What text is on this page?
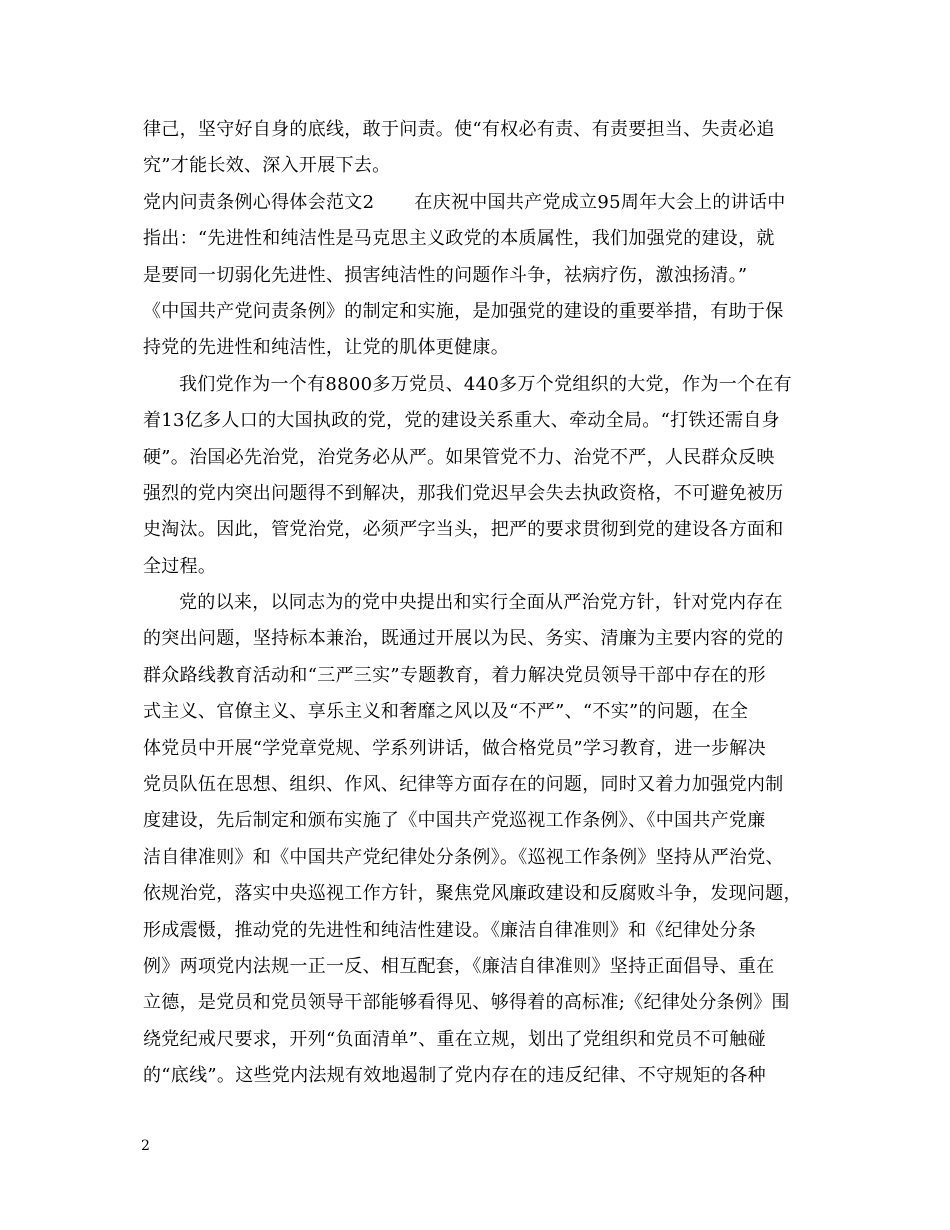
律己，坚守好自身的底线，敢于问责。使“有权必有责、有责要担当、失责必追
究”才能长效、深入开展下去。
党内问责条例心得体会范文2 在庆祝中国共产党成立95周年大会上的讲话中
指出：“先进性和纯洁性是马克思主义政党的本质属性，我们加强党的建设，就
是要同一切弱化先进性、损害纯洁性的问题作斗争，祛病疗伤，激浊扬清。”
《中国共产党问责条例》的制定和实施，是加强党的建设的重要举措，有助于保
持党的先进性和纯洁性，让党的肌体更健康。
我们党作为一个有8800多万党员、440多万个党组织的大党，作为一个在有
着13亿多人口的大国执政的党，党的建设关系重大、牵动全局。“打铁还需自身
硬”。治国必先治党，治党务必从严。如果管党不力、治党不严，人民群众反映
强烈的党内突出问题得不到解决，那我们党迟早会失去执政资格，不可避免被历
史淘汰。因此，管党治党，必须严字当头，把严的要求贯彻到党的建设各方面和
全过程。
党的以来，以同志为的党中央提出和实行全面从严治党方针，针对党内存在
的突出问题，坚持标本兼治，既通过开展以为民、务实、清廉为主要内容的党的
群众路线教育活动和“三严三实”专题教育，着力解决党员领导干部中存在的形
式主义、官僚主义、享乐主义和奢靡之风以及“不严”、“不实”的问题，在全
体党员中开展“学党章党规、学系列讲话，做合格党员”学习教育，进一步解决
党员队伍在思想、组织、作风、纪律等方面存在的问题，同时又着力加强党内制
度建设，先后制定和颁布实施了《中国共产党巡视工作条例》、《中国共产党廉
洁自律准则》和《中国共产党纪律处分条例》。《巡视工作条例》坚持从严治党、
依规治党，落实中央巡视工作方针，聚焦党风廉政建设和反腐败斗争，发现问题，
形成震慑，推动党的先进性和纯洁性建设。《廉洁自律准则》和《纪律处分条
例》两项党内法规一正一反、相互配套，《廉洁自律准则》坚持正面倡导、重在
立德，是党员和党员领导干部能够看得见、够得着的高标准;《纪律处分条例》围
绕党纪戒尺要求，开列“负面清单”、重在立规，划出了党组织和党员不可触碰
的“底线”。这些党内法规有效地遏制了党内存在的违反纪律、不守规矩的各种
2
